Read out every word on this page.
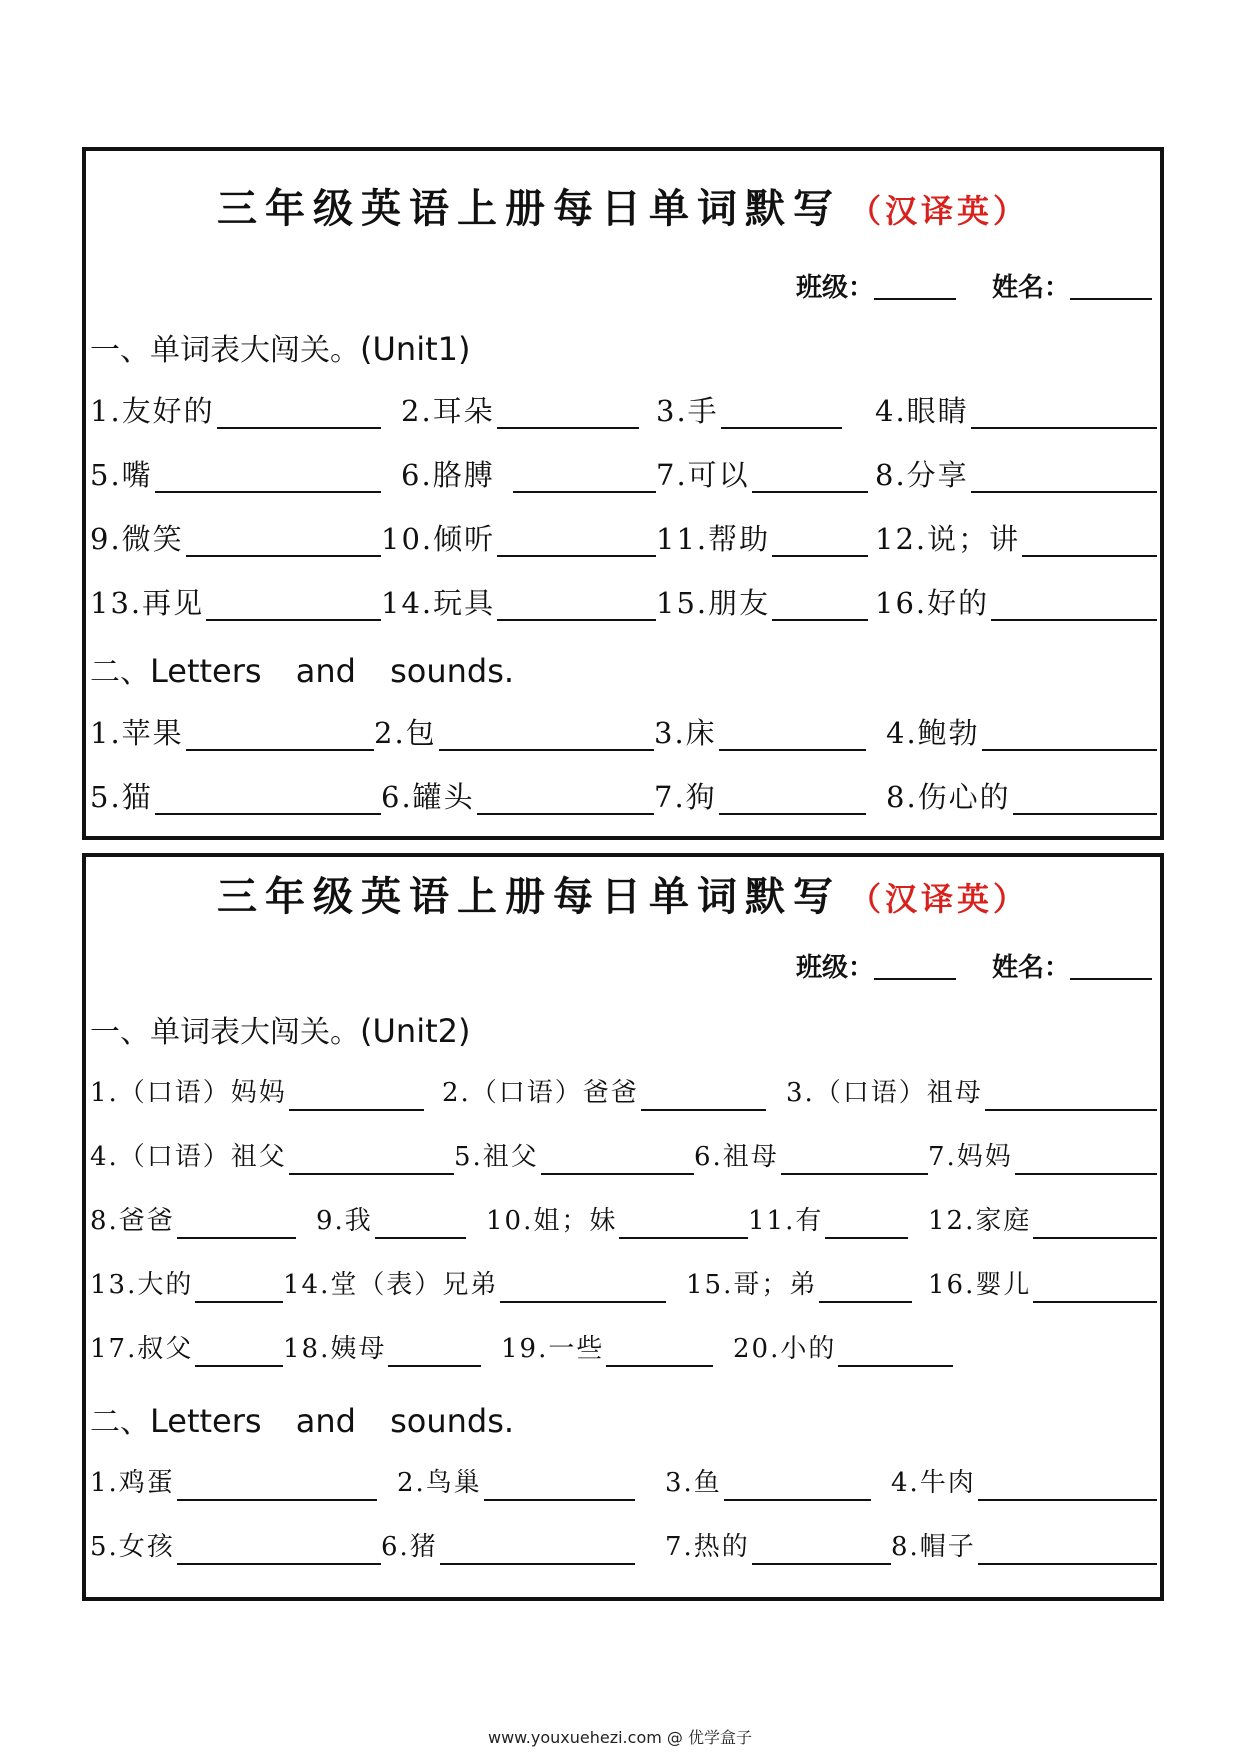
三年级英语上册每日单词默写 （汉译英）
班级：	姓名：
一、单词表大闯关。(Unit1)
1.友好的	2.耳朵	3.手	4.眼睛
5.嘴	6.胳膊	7.可以	8.分享
9.微笑	10.倾听	11.帮助	12.说；讲
13.再见	14.玩具	15.朋友	16.好的
二、Letters and sounds.
1.苹果	2.包	3.床	4.鲍勃
5.猫	6.罐头	7.狗	8.伤心的
三年级英语上册每日单词默写 （汉译英）
班级：	姓名：
一、单词表大闯关。(Unit2)
1.（口语）妈妈	2.（口语）爸爸	3.（口语）祖母
4.（口语）祖父	5.祖父	6.祖母	7.妈妈
8.爸爸	9.我	10.姐；妹	11.有	12.家庭
13.大的	14.堂（表）兄弟	15.哥；弟	16.婴儿
17.叔父	18.姨母	19.一些	20.小的
二、Letters and sounds.
1.鸡蛋	2.鸟巢	3.鱼	4.牛肉
5.女孩	6.猪	7.热的	8.帽子
www.youxuehezi.com @ 优学盒子
